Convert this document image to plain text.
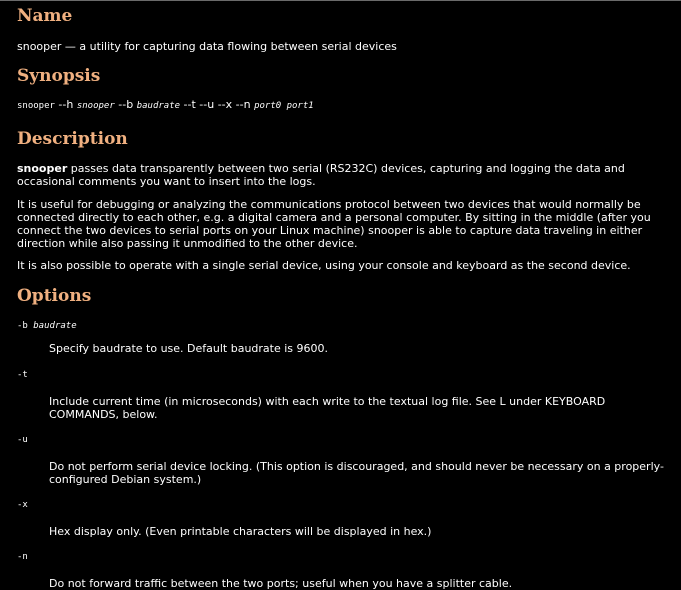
Name

snooper — a utility for capturing data flowing between serial devices

Synopsis

snooper --h snooper --b baudrate --t --u --x --n port0 port1

Description

snooper passes data transparently between two serial (RS232C) devices, capturing and logging the data and occasional comments you want to insert into the logs.

It is useful for debugging or analyzing the communications protocol between two devices that would normally be connected directly to each other, e.g. a digital camera and a personal computer. By sitting in the middle (after you connect the two devices to serial ports on your Linux machine) snooper is able to capture data traveling in either direction while also passing it unmodified to the other device.

It is also possible to operate with a single serial device, using your console and keyboard as the second device.

Options
-b baudrate
Specify baudrate to use. Default baudrate is 9600.
-t
Include current time (in microseconds) with each write to the textual log file. See L under KEYBOARD COMMANDS, below.
-u
Do not perform serial device locking. (This option is discouraged, and should never be necessary on a properly-configured Debian system.)
-x
Hex display only. (Even printable characters will be displayed in hex.)
-n
Do not forward traffic between the two ports; useful when you have a splitter cable.
